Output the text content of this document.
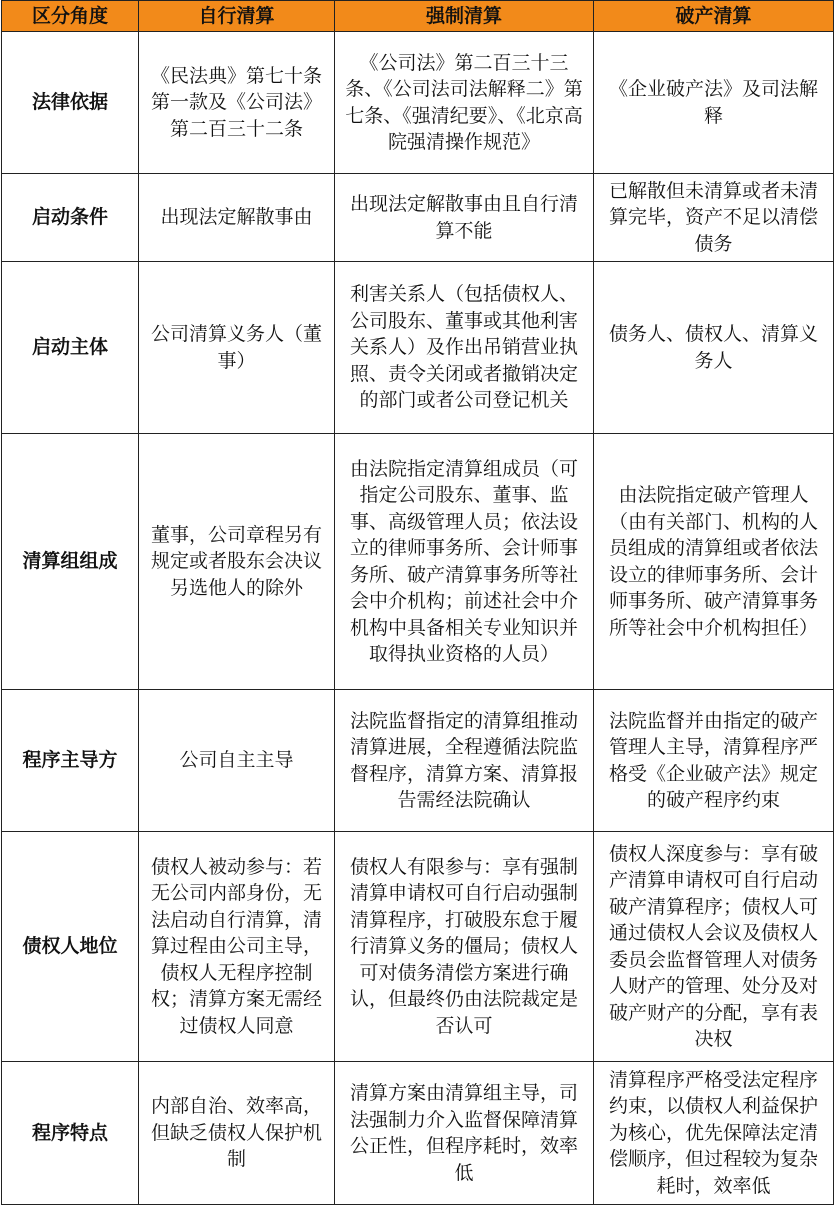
区分角度	自行清算	强制清算	破产清算
法律依据	《民法典》第七十条第一款及《公司法》第二百三十二条	《公司法》第二百三十三条、《公司法司法解释二》第七条、《强清纪要》、《北京高院强清操作规范》	《企业破产法》及司法解释
启动条件	出现法定解散事由	出现法定解散事由且自行清算不能	已解散但未清算或者未清算完毕，资产不足以清偿债务
启动主体	公司清算义务人（董事）	利害关系人（包括债权人、公司股东、董事或其他利害关系人）及作出吊销营业执照、责令关闭或者撤销决定的部门或者公司登记机关	债务人、债权人、清算义务人
清算组组成	董事，公司章程另有规定或者股东会决议另选他人的除外	由法院指定清算组成员（可指定公司股东、董事、监事、高级管理人员；依法设立的律师事务所、会计师事务所、破产清算事务所等社会中介机构；前述社会中介机构中具备相关专业知识并取得执业资格的人员）	由法院指定破产管理人（由有关部门、机构的人员组成的清算组或者依法设立的律师事务所、会计师事务所、破产清算事务所等社会中介机构担任）
程序主导方	公司自主主导	法院监督指定的清算组推动清算进展，全程遵循法院监督程序，清算方案、清算报告需经法院确认	法院监督并由指定的破产管理人主导，清算程序严格受《企业破产法》规定的破产程序约束
债权人地位	债权人被动参与：若无公司内部身份，无法启动自行清算，清算过程由公司主导，债权人无程序控制权；清算方案无需经过债权人同意	债权人有限参与：享有强制清算申请权可自行启动强制清算程序，打破股东怠于履行清算义务的僵局；债权人可对债务清偿方案进行确认，但最终仍由法院裁定是否认可	债权人深度参与：享有破产清算申请权可自行启动破产清算程序；债权人可通过债权人会议及债权人委员会监督管理人对债务人财产的管理、处分及对破产财产的分配，享有表决权
程序特点	内部自治、效率高，但缺乏债权人保护机制	清算方案由清算组主导，司法强制力介入监督保障清算公正性，但程序耗时，效率低	清算程序严格受法定程序约束，以债权人利益保护为核心，优先保障法定清偿顺序，但过程较为复杂耗时，效率低
